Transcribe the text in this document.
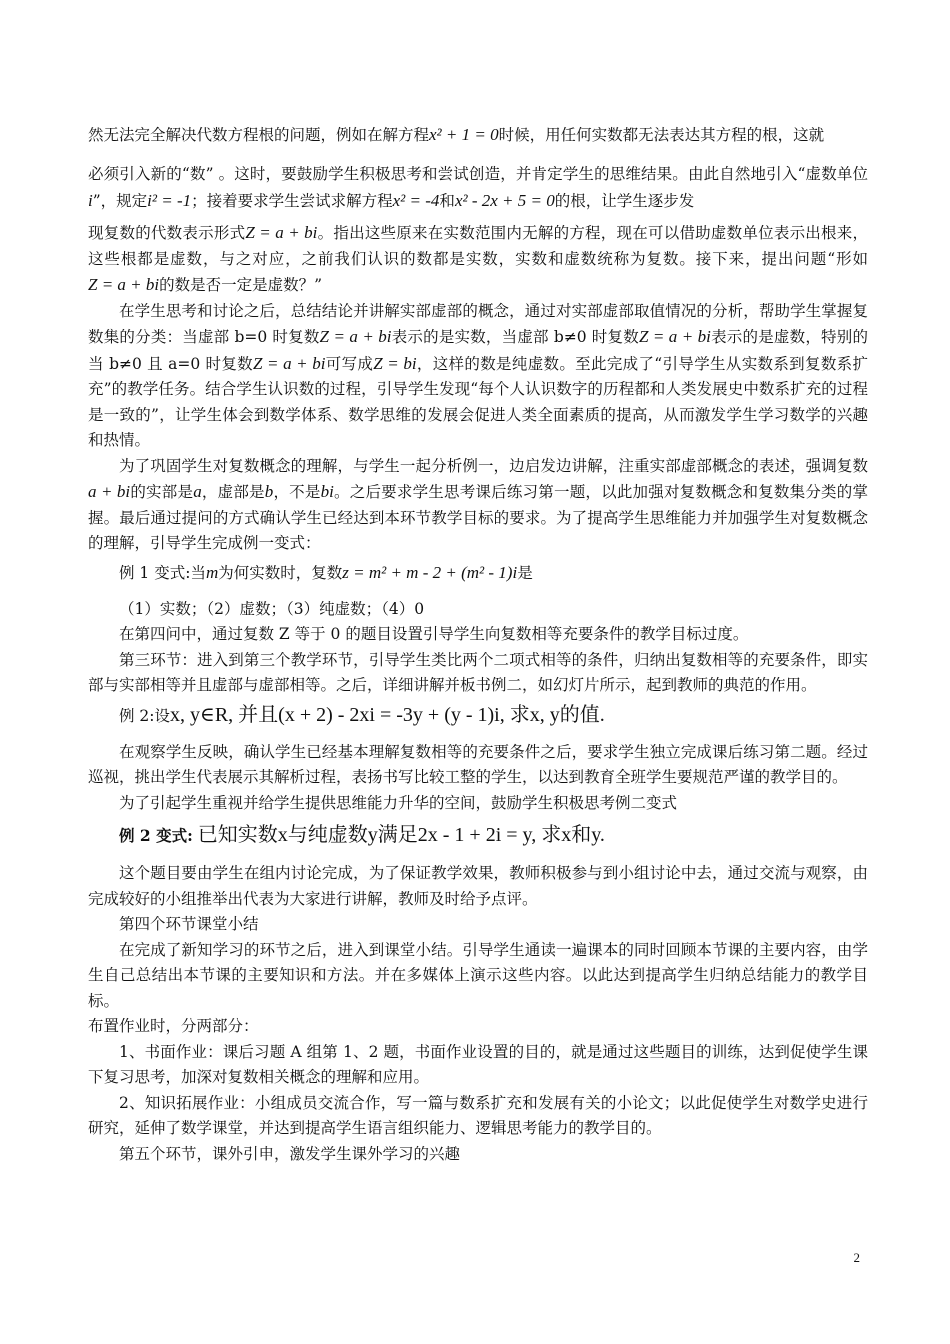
然无法完全解决代数方程根的问题，例如在解方程x² + 1 = 0时候，用任何实数都无法表达其方程的根，这就

必须引入新的“数” 。这时，要鼓励学生积极思考和尝试创造，并肯定学生的思维结果。由此自然地引入“虚数单位i”，规定i² = -1；接着要求学生尝试求解方程x² = -4和x² - 2x + 5 = 0的根，让学生逐步发

现复数的代数表示形式Z = a + bi。指出这些原来在实数范围内无解的方程，现在可以借助虚数单位表示出根来，这些根都是虚数，与之对应，之前我们认识的数都是实数，实数和虚数统称为复数。接下来，提出问题“形如Z = a + bi的数是否一定是虚数？”

在学生思考和讨论之后，总结结论并讲解实部虚部的概念，通过对实部虚部取值情况的分析，帮助学生掌握复数集的分类：当虚部 b=0 时复数Z = a + bi表示的是实数，当虚部 b≠0 时复数Z = a + bi表示的是虚数，特别的当 b≠0 且 a=0 时复数Z = a + bi可写成Z = bi，这样的数是纯虚数。至此完成了“引导学生从实数系到复数系扩充”的教学任务。结合学生认识数的过程，引导学生发现“每个人认识数字的历程都和人类发展史中数系扩充的过程是一致的”，让学生体会到数学体系、数学思维的发展会促进人类全面素质的提高，从而激发学生学习数学的兴趣和热情。

为了巩固学生对复数概念的理解，与学生一起分析例一，边启发边讲解，注重实部虚部概念的表述，强调复数a + bi的实部是a，虚部是b，不是bi。之后要求学生思考课后练习第一题，以此加强对复数概念和复数集分类的掌握。最后通过提问的方式确认学生已经达到本环节教学目标的要求。为了提高学生思维能力并加强学生对复数概念的理解，引导学生完成例一变式：

例 1 变式:当m为何实数时，复数z = m² + m - 2 + (m² - 1)i是

（1）实数；（2）虚数；（3）纯虚数；（4）0

在第四问中，通过复数 Z 等于 0 的题目设置引导学生向复数相等充要条件的教学目标过度。

第三环节：进入到第三个教学环节，引导学生类比两个二项式相等的条件，归纳出复数相等的充要条件，即实部与实部相等并且虚部与虚部相等。之后，详细讲解并板书例二，如幻灯片所示，起到教师的典范的作用。

例 2:设x, y∈R, 并且(x + 2) - 2xi = -3y + (y - 1)i, 求x, y的值.

在观察学生反映，确认学生已经基本理解复数相等的充要条件之后，要求学生独立完成课后练习第二题。经过巡视，挑出学生代表展示其解析过程，表扬书写比较工整的学生，以达到教育全班学生要规范严谨的教学目的。

为了引起学生重视并给学生提供思维能力升华的空间，鼓励学生积极思考例二变式

例 2 变式: 已知实数x与纯虚数y满足2x - 1 + 2i = y, 求x和y.

这个题目要由学生在组内讨论完成，为了保证教学效果，教师积极参与到小组讨论中去，通过交流与观察，由完成较好的小组推举出代表为大家进行讲解，教师及时给予点评。

第四个环节课堂小结

在完成了新知学习的环节之后，进入到课堂小结。引导学生通读一遍课本的同时回顾本节课的主要内容，由学生自己总结出本节课的主要知识和方法。并在多媒体上演示这些内容。以此达到提高学生归纳总结能力的教学目标。

布置作业时，分两部分：

1、书面作业：课后习题 A 组第 1、2 题，书面作业设置的目的，就是通过这些题目的训练，达到促使学生课下复习思考，加深对复数相关概念的理解和应用。

2、知识拓展作业：小组成员交流合作，写一篇与数系扩充和发展有关的小论文；以此促使学生对数学史进行研究，延伸了数学课堂，并达到提高学生语言组织能力、逻辑思考能力的教学目的。

第五个环节，课外引申，激发学生课外学习的兴趣

2
